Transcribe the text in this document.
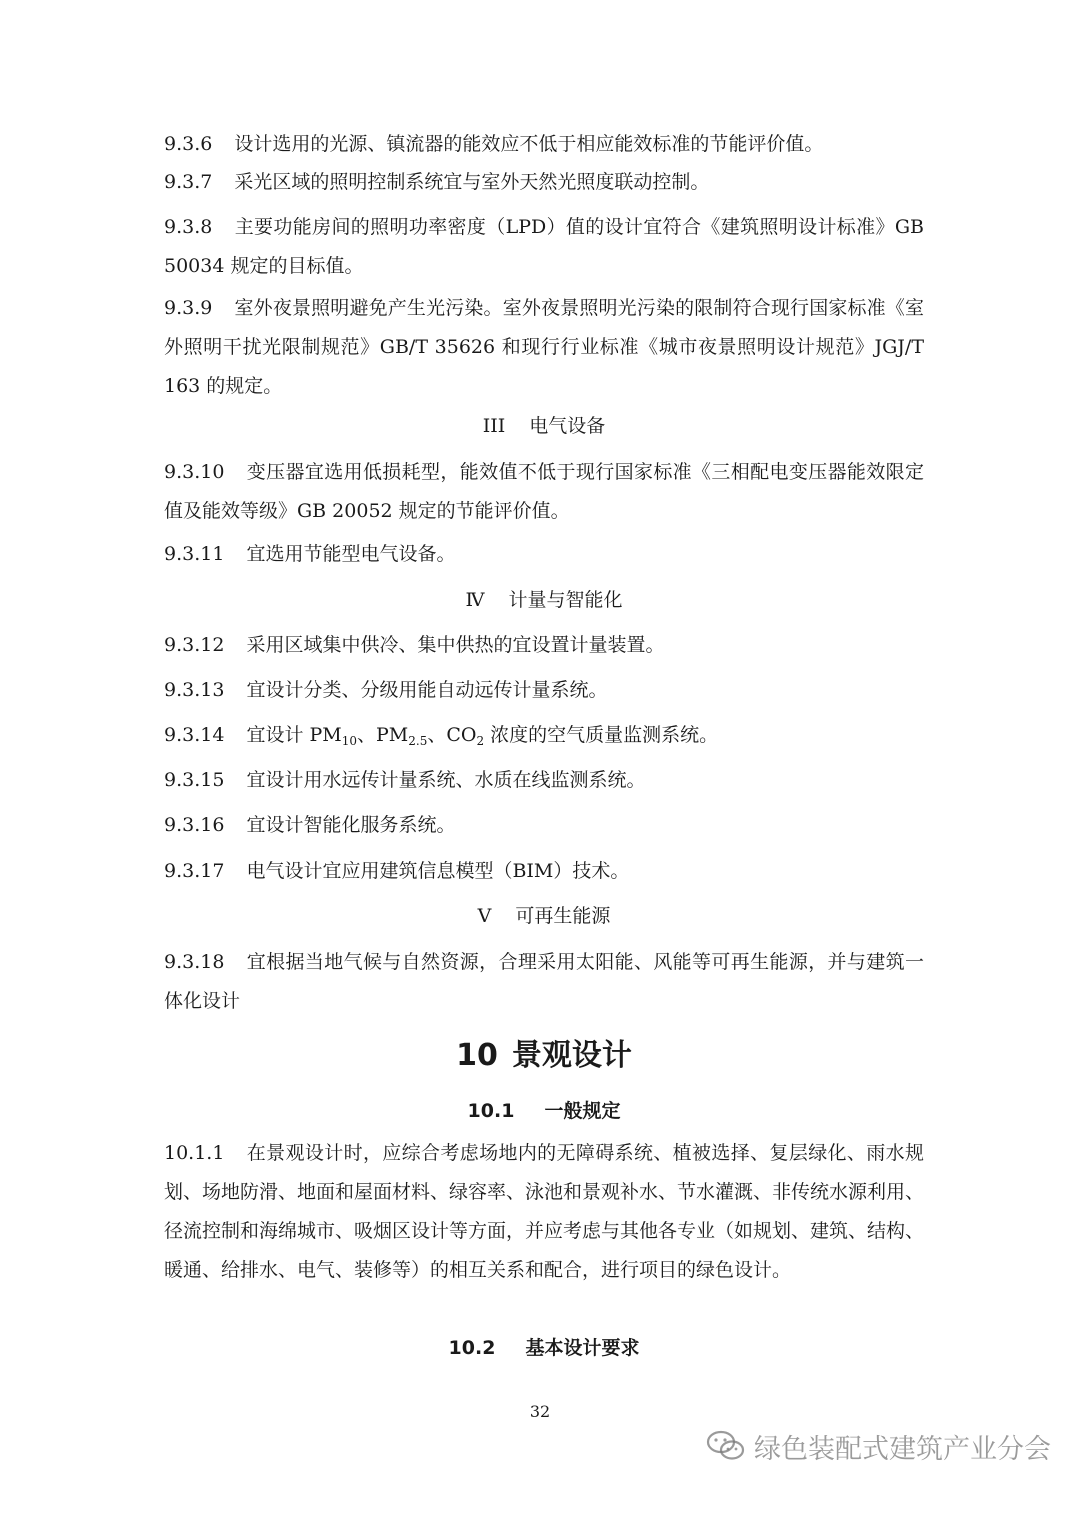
9.3.6 设计选用的光源、镇流器的能效应不低于相应能效标准的节能评价值。
9.3.7 采光区域的照明控制系统宜与室外天然光照度联动控制。
9.3.8 主要功能房间的照明功率密度（LPD）值的设计宜符合《建筑照明设计标准》GB 50034 规定的目标值。
9.3.9 室外夜景照明避免产生光污染。室外夜景照明光污染的限制符合现行国家标准《室外照明干扰光限制规范》GB/T 35626 和现行行业标准《城市夜景照明设计规范》JGJ/T 163 的规定。
III 电气设备
9.3.10 变压器宜选用低损耗型，能效值不低于现行国家标准《三相配电变压器能效限定值及能效等级》GB 20052 规定的节能评价值。
9.3.11 宜选用节能型电气设备。
Ⅳ 计量与智能化
9.3.12 采用区域集中供冷、集中供热的宜设置计量装置。
9.3.13 宜设计分类、分级用能自动远传计量系统。
9.3.14 宜设计 $PM_{10}$、$PM_{2.5}$、$CO_2$ 浓度的空气质量监测系统。
9.3.15 宜设计用水远传计量系统、水质在线监测系统。
9.3.16 宜设计智能化服务系统。
9.3.17 电气设计宜应用建筑信息模型（BIM）技术。
V 可再生能源
9.3.18 宜根据当地气候与自然资源，合理采用太阳能、风能等可再生能源，并与建筑一体化设计
10 景观设计
10.1 一般规定
10.1.1 在景观设计时，应综合考虑场地内的无障碍系统、植被选择、复层绿化、雨水规划、场地防滑、地面和屋面材料、绿容率、泳池和景观补水、节水灌溉、非传统水源利用、径流控制和海绵城市、吸烟区设计等方面，并应考虑与其他各专业（如规划、建筑、结构、暖通、给排水、电气、装修等）的相互关系和配合，进行项目的绿色设计。
10.2 基本设计要求
32
绿色装配式建筑产业分会
